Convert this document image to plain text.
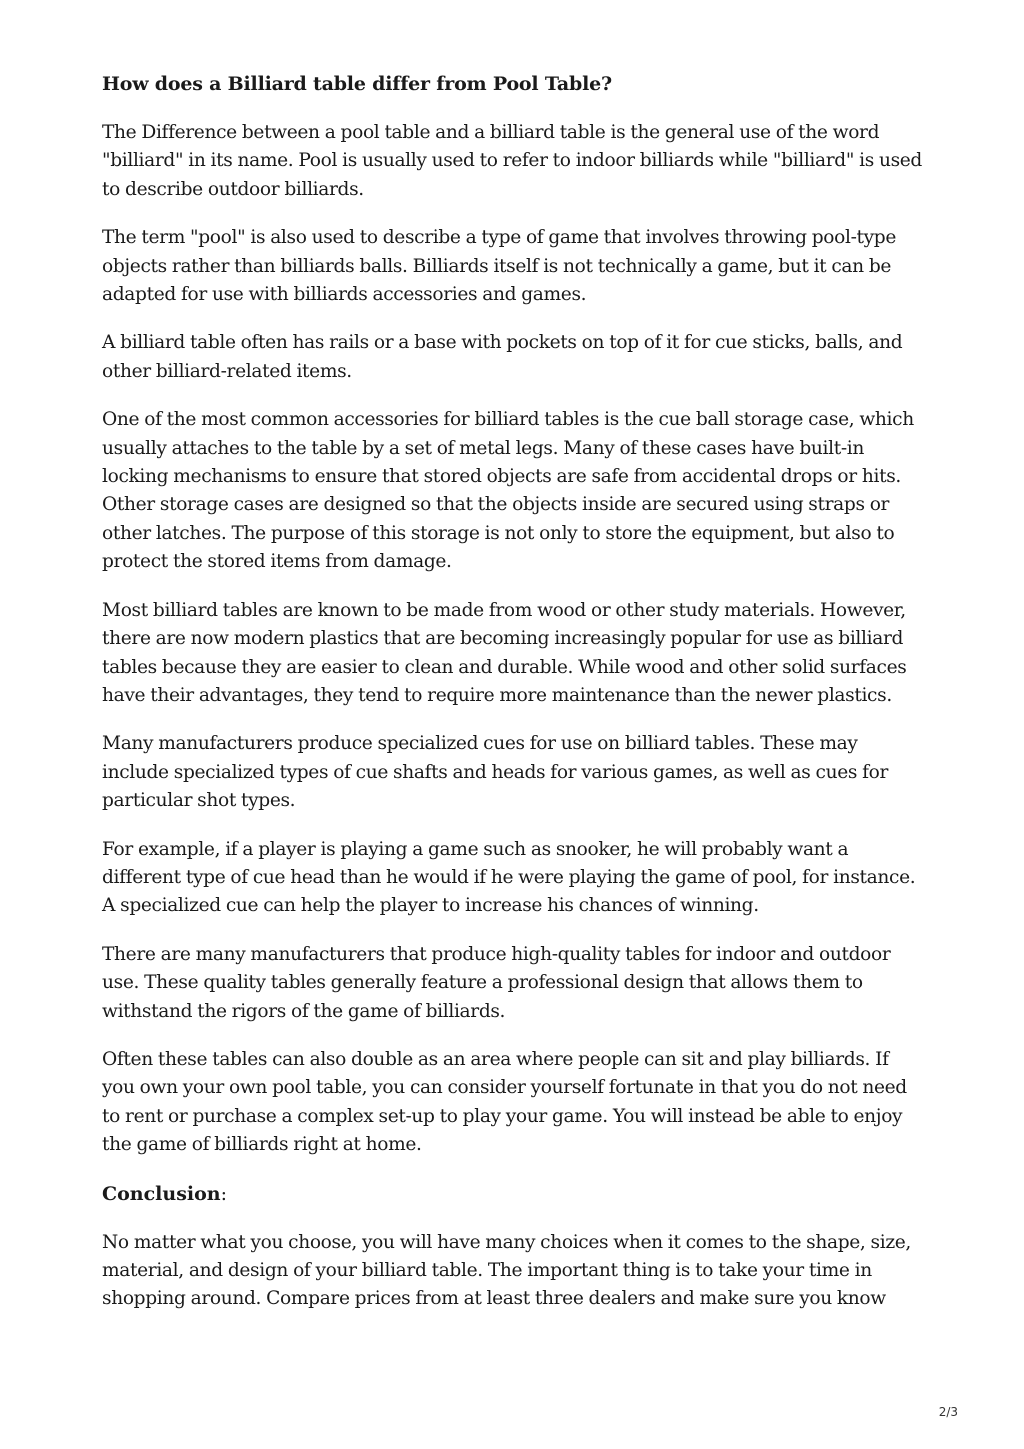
How does a Billiard table differ from Pool Table?

The Difference between a pool table and a billiard table is the general use of the word "billiard" in its name. Pool is usually used to refer to indoor billiards while "billiard" is used to describe outdoor billiards.

The term "pool" is also used to describe a type of game that involves throwing pool-type objects rather than billiards balls. Billiards itself is not technically a game, but it can be adapted for use with billiards accessories and games.

A billiard table often has rails or a base with pockets on top of it for cue sticks, balls, and other billiard-related items.

One of the most common accessories for billiard tables is the cue ball storage case, which usually attaches to the table by a set of metal legs. Many of these cases have built-in locking mechanisms to ensure that stored objects are safe from accidental drops or hits. Other storage cases are designed so that the objects inside are secured using straps or other latches. The purpose of this storage is not only to store the equipment, but also to protect the stored items from damage.

Most billiard tables are known to be made from wood or other study materials. However, there are now modern plastics that are becoming increasingly popular for use as billiard tables because they are easier to clean and durable. While wood and other solid surfaces have their advantages, they tend to require more maintenance than the newer plastics.

Many manufacturers produce specialized cues for use on billiard tables. These may include specialized types of cue shafts and heads for various games, as well as cues for particular shot types.

For example, if a player is playing a game such as snooker, he will probably want a different type of cue head than he would if he were playing the game of pool, for instance. A specialized cue can help the player to increase his chances of winning.

There are many manufacturers that produce high-quality tables for indoor and outdoor use. These quality tables generally feature a professional design that allows them to withstand the rigors of the game of billiards.

Often these tables can also double as an area where people can sit and play billiards. If you own your own pool table, you can consider yourself fortunate in that you do not need to rent or purchase a complex set-up to play your game. You will instead be able to enjoy the game of billiards right at home.

Conclusion:

No matter what you choose, you will have many choices when it comes to the shape, size, material, and design of your billiard table. The important thing is to take your time in shopping around. Compare prices from at least three dealers and make sure you know

2/3
